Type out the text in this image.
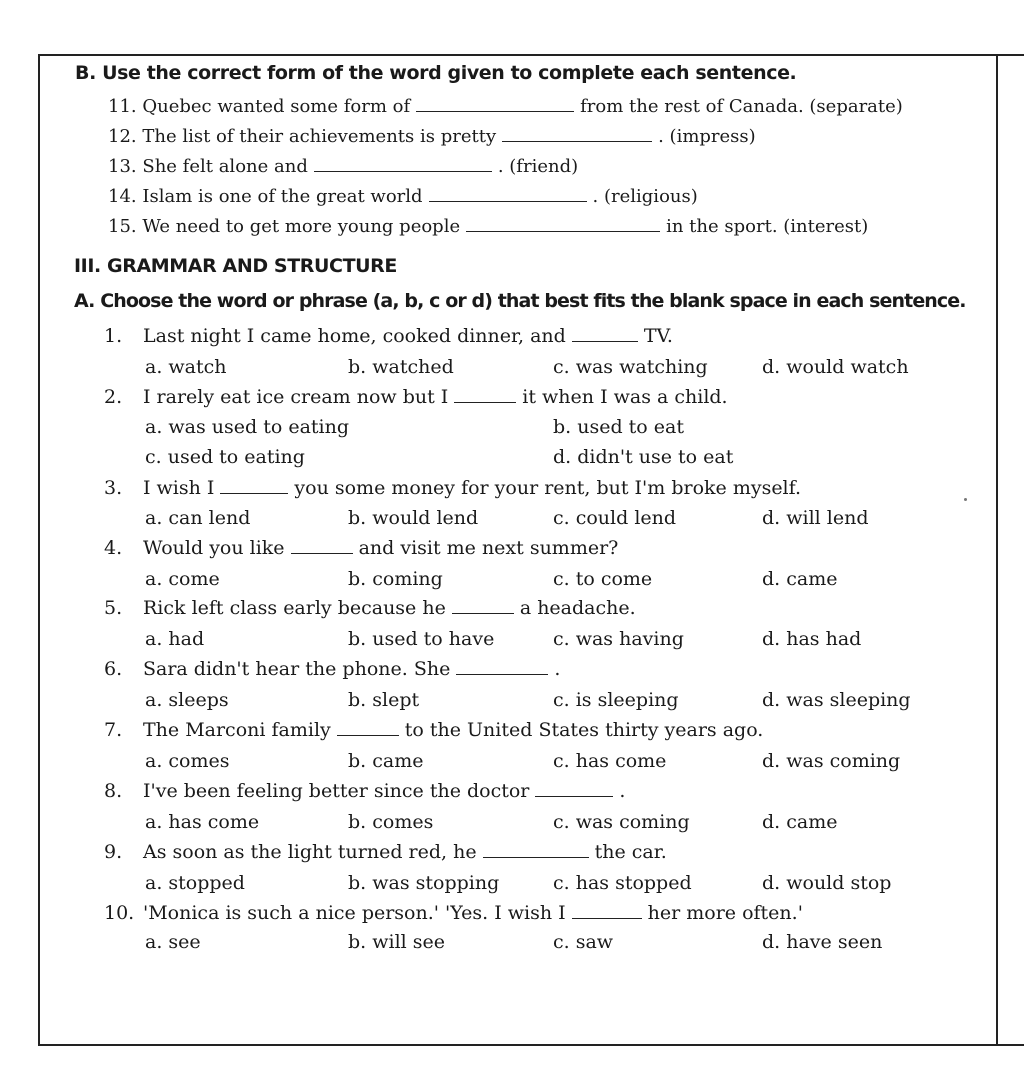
B. Use the correct form of the word given to complete each sentence.
11. Quebec wanted some form of	from the rest of Canada. (separate)
12. The list of their achievements is pretty	. (impress)
13. She felt alone and	. (friend)
14. Islam is one of the great world	. (religious)
15. We need to get more young people	in the sport. (interest)
III. GRAMMAR AND STRUCTURE
A. Choose the word or phrase (a, b, c or d) that best fits the blank space in each sentence.
1. Last night I came home, cooked dinner, and	TV.
a. watch	b. watched	c. was watching	d. would watch
2. I rarely eat ice cream now but I	it when I was a child.
a. was used to eating	b. used to eat
c. used to eating	d. didn't use to eat
3. I wish I	you some money for your rent, but I'm broke myself.
a. can lend	b. would lend	c. could lend	d. will lend
4. Would you like	and visit me next summer?
a. come	b. coming	c. to come	d. came
5. Rick left class early because he	a headache.
a. had	b. used to have	c. was having	d. has had
6. Sara didn't hear the phone. She	.
a. sleeps	b. slept	c. is sleeping	d. was sleeping
7. The Marconi family	to the United States thirty years ago.
a. comes	b. came	c. has come	d. was coming
8. I've been feeling better since the doctor	.
a. has come	b. comes	c. was coming	d. came
9. As soon as the light turned red, he	the car.
a. stopped	b. was stopping	c. has stopped	d. would stop
10. 'Monica is such a nice person.' 'Yes. I wish I	her more often.'
a. see	b. will see	c. saw	d. have seen
